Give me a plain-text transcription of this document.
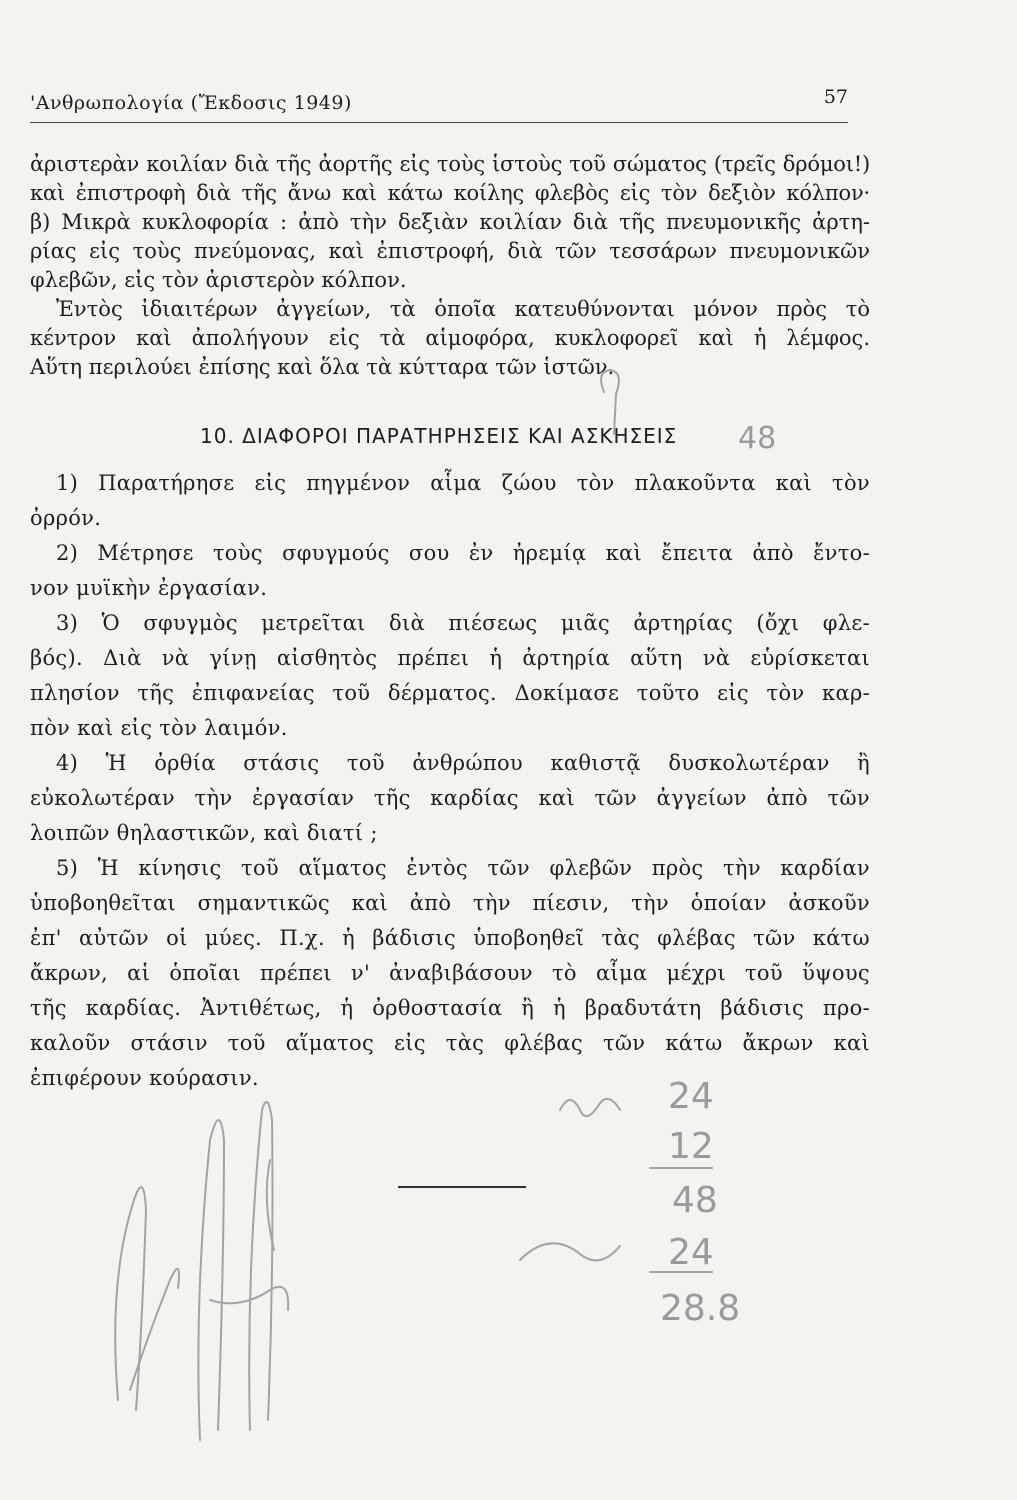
'Ανθρωπολογία (Ἔκδοσις 1949)	57
ἀριστερὰν κοιλίαν διὰ τῆς ἀορτῆς εἰς τοὺς ἱστοὺς τοῦ σώματος (τρεῖς δρόμοι!)
καὶ ἐπιστροφὴ διὰ τῆς ἄνω καὶ κάτω κοίλης φλεβὸς εἰς τὸν δεξιὸν κόλπον·
β) Μικρὰ κυκλοφορία : ἀπὸ τὴν δεξιὰν κοιλίαν διὰ τῆς πνευμονικῆς ἀρτη-
ρίας εἰς τοὺς πνεύμονας, καὶ ἐπιστροφή, διὰ τῶν τεσσάρων πνευμονικῶν
φλεβῶν, εἰς τὸν ἀριστερὸν κόλπον.
Ἐντὸς ἰδιαιτέρων ἀγγείων, τὰ ὁποῖα κατευθύνονται μόνον πρὸς τὸ
κέντρον καὶ ἀπολήγουν εἰς τὰ αἱμοφόρα, κυκλοφορεῖ καὶ ἡ λέμφος.
Αὕτη περιλούει ἐπίσης καὶ ὅλα τὰ κύτταρα τῶν ἱστῶν.
10. ΔΙΑΦΟΡΟΙ ΠΑΡΑΤΗΡΗΣΕΙΣ ΚΑΙ ΑΣΚΗΣΕΙΣ
1) Παρατήρησε εἰς πηγμένον αἷμα ζώου τὸν πλακοῦντα καὶ τὸν
ὀρρόν.
2) Μέτρησε τοὺς σφυγμούς σου ἐν ἠρεμίᾳ καὶ ἔπειτα ἀπὸ ἔντο-
νον μυϊκὴν ἐργασίαν.
3) Ὁ σφυγμὸς μετρεῖται διὰ πιέσεως μιᾶς ἀρτηρίας (ὄχι φλε-
βός). Διὰ νὰ γίνῃ αἰσθητὸς πρέπει ἡ ἀρτηρία αὕτη νὰ εὑρίσκεται
πλησίον τῆς ἐπιφανείας τοῦ δέρματος. Δοκίμασε τοῦτο εἰς τὸν καρ-
πὸν καὶ εἰς τὸν λαιμόν.
4) Ἡ ὀρθία στάσις τοῦ ἀνθρώπου καθιστᾷ δυσκολωτέραν ἢ
εὐκολωτέραν τὴν ἐργασίαν τῆς καρδίας καὶ τῶν ἀγγείων ἀπὸ τῶν
λοιπῶν θηλαστικῶν, καὶ διατί ;
5) Ἡ κίνησις τοῦ αἵματος ἐντὸς τῶν φλεβῶν πρὸς τὴν καρδίαν
ὑποβοηθεῖται σημαντικῶς καὶ ἀπὸ τὴν πίεσιν, τὴν ὁποίαν ἀσκοῦν
ἐπ' αὐτῶν οἱ μύες. Π.χ. ἡ βάδισις ὑποβοηθεῖ τὰς φλέβας τῶν κάτω
ἄκρων, αἱ ὁποῖαι πρέπει ν' ἀναβιβάσουν τὸ αἷμα μέχρι τοῦ ὕψους
τῆς καρδίας. Ἀντιθέτως, ἡ ὀρθοστασία ἢ ἡ βραδυτάτη βάδισις προ-
καλοῦν στάσιν τοῦ αἵματος εἰς τὰς φλέβας τῶν κάτω ἄκρων καὶ
ἐπιφέρουν κούρασιν.
48
24
12
48
24
28.8
